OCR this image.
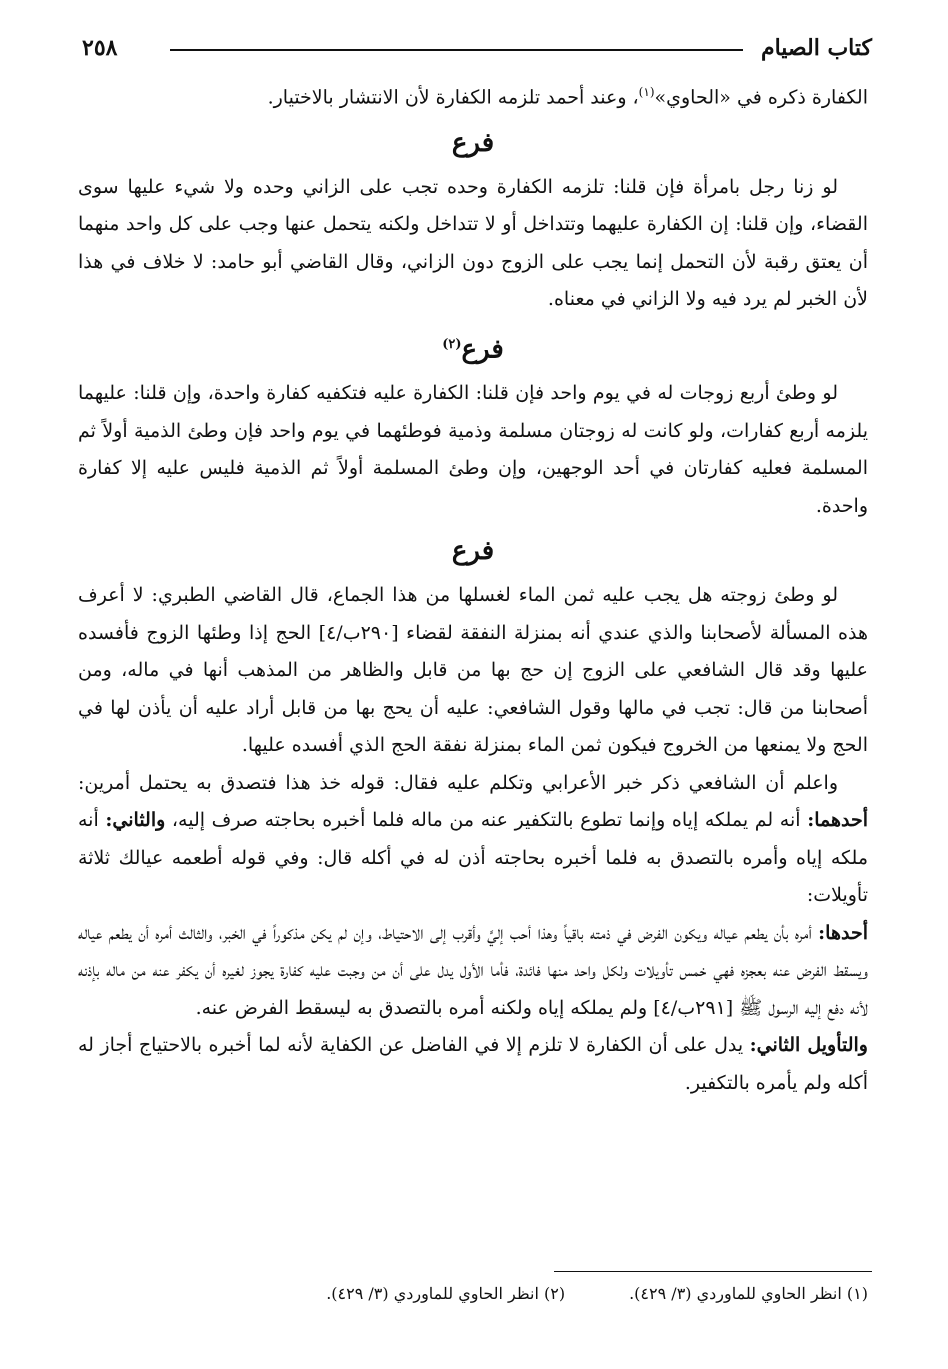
٢٥٨	كتاب الصيام

الكفارة ذكره في «الحاوي»$^{(١)}$، وعند أحمد تلزمه الكفارة لأن الانتشار بالاختيار.

فرع

لو زنا رجل بامرأة فإن قلنا: تلزمه الكفارة وحده تجب على الزاني وحده ولا شيء عليها سوى القضاء، وإن قلنا: إن الكفارة عليهما وتتداخل أو لا تتداخل ولكنه يتحمل عنها وجب على كل واحد منهما أن يعتق رقبة لأن التحمل إنما يجب على الزوج دون الزاني، وقال القاضي أبو حامد: لا خلاف في هذا لأن الخبر لم يرد فيه ولا الزاني في معناه.

فرع$^{(٢)}$

لو وطئ أربع زوجات له في يوم واحد فإن قلنا: الكفارة عليه فتكفيه كفارة واحدة، وإن قلنا: عليهما يلزمه أربع كفارات، ولو كانت له زوجتان مسلمة وذمية فوطئهما في يوم واحد فإن وطئ الذمية أولاً ثم المسلمة فعليه كفارتان في أحد الوجهين، وإن وطئ المسلمة أولاً ثم الذمية فليس عليه إلا كفارة واحدة.

فرع

لو وطئ زوجته هل يجب عليه ثمن الماء لغسلها من هذا الجماع، قال القاضي الطبري: لا أعرف هذه المسألة لأصحابنا والذي عندي أنه بمنزلة النفقة لقضاء [٢٩٠ب/٤] الحج إذا وطئها الزوج فأفسده عليها وقد قال الشافعي على الزوج إن حج بها من قابل والظاهر من المذهب أنها في ماله، ومن أصحابنا من قال: تجب في مالها وقول الشافعي: عليه أن يحج بها من قابل أراد عليه أن يأذن لها في الحج ولا يمنعها من الخروج فيكون ثمن الماء بمنزلة نفقة الحج الذي أفسده عليها.

واعلم أن الشافعي ذكر خبر الأعرابي وتكلم عليه فقال: قوله خذ هذا فتصدق به يحتمل أمرين: أحدهما: أنه لم يملكه إياه وإنما تطوع بالتكفير عنه من ماله فلما أخبره بحاجته صرف إليه، والثاني: أنه ملكه إياه وأمره بالتصدق به فلما أخبره بحاجته أذن له في أكله قال: وفي قوله أطعمه عيالك ثلاثة تأويلات:

أحدها: أمره بأن يطعم عياله ويكون الفرض في ذمته باقياً وهذا أحب إليَّ وأقرب إلى الاحتياط، وإن لم يكن مذكوراً في الخبر، والثالث أمره أن يطعم عياله ويسقط الفرض عنه بعجزه فهي خمس تأويلات ولكل واحد منها فائدة، فأما الأول يدل على أن من وجبت عليه كفارة يجوز لغيره أن يكفر عنه من ماله بإذنه لأنه دفع إليه الرسول ﷺ [٢٩١ب/٤] ولم يملكه إياه ولكنه أمره بالتصدق به ليسقط الفرض عنه.

والتأويل الثاني: يدل على أن الكفارة لا تلزم إلا في الفاضل عن الكفاية لأنه لما أخبره بالاحتياج أجاز له أكله ولم يأمره بالتكفير.

(١) انظر الحاوي للماوردي (٣/ ٤٢٩).
(٢) انظر الحاوي للماوردي (٣/ ٤٢٩).
